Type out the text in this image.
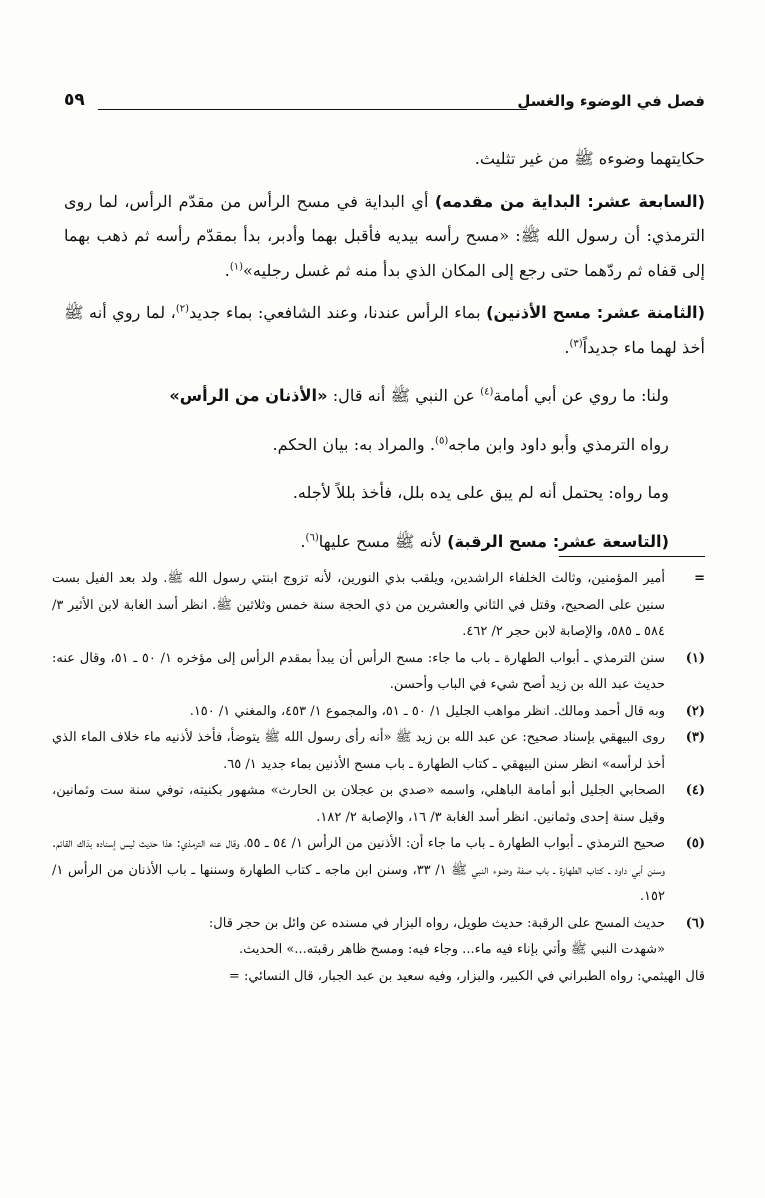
فصل في الوضوء والغسل
٥٩

حكايتهما وضوءه ﷺ من غير تثليث.

(السابعة عشر: البداية من مقدمه) أي البداية في مسح الرأس من مقدّم الرأس، لما روى الترمذي: أن رسول الله ﷺ: «مسح رأسه بيديه فأقبل بهما وأدبر، بدأ بمقدّم رأسه ثم ذهب بهما إلى قفاه ثم ردّهما حتى رجع إلى المكان الذي بدأ منه ثم غسل رجليه»$^{(١)}$.

(الثامنة عشر: مسح الأذنين) بماء الرأس عندنا، وعند الشافعي: بماء جديد$^{(٢)}$، لما روي أنه ﷺ أخذ لهما ماء جديداً$^{(٣)}$.

ولنا: ما روي عن أبي أمامة$^{(٤)}$ عن النبي ﷺ أنه قال: «الأذنان من الرأس»

رواه الترمذي وأبو داود وابن ماجه$^{(٥)}$. والمراد به: بيان الحكم.

وما رواه: يحتمل أنه لم يبق على يده بلل، فأخذ بللاً لأجله.

(التاسعة عشر: مسح الرقبة) لأنه ﷺ مسح عليها$^{(٦)}$.

=
أمير المؤمنين، وثالث الخلفاء الراشدين، ويلقب بذي النورين، لأنه تزوج ابنتي رسول الله ﷺ. ولد بعد الفيل بست سنين على الصحيح، وقتل في الثاني والعشرين من ذي الحجة سنة خمس وثلاثين ﷺ. انظر أسد الغابة لابن الأثير ٣/ ٥٨٤ ـ ٥٨٥، والإصابة لابن حجر ٢/ ٤٦٢.
(١)
سنن الترمذي ـ أبواب الطهارة ـ باب ما جاء: مسح الرأس أن يبدأ بمقدم الرأس إلى مؤخره ١/ ٥٠ ـ ٥١، وقال عنه: حديث عبد الله بن زيد أصح شيء في الباب وأحسن.
(٢)
وبه قال أحمد ومالك. انظر مواهب الجليل ١/ ٥٠ ـ ٥١، والمجموع ١/ ٤٥٣، والمغني ١/ ١٥٠.
(٣)
روى البيهقي بإسناد صحيح: عن عبد الله بن زيد ﷺ «أنه رأى رسول الله ﷺ يتوضأ، فأخذ لأذنيه ماء خلاف الماء الذي أخذ لرأسه» انظر سنن البيهقي ـ كتاب الطهارة ـ باب مسح الأذنين بماء جديد ١/ ٦٥.
(٤)
الصحابي الجليل أبو أمامة الباهلي، واسمه «صدي بن عجلان بن الحارث» مشهور بكنيته، توفي سنة ست وثمانين، وقيل سنة إحدى وثمانين. انظر أسد الغابة ٣/ ١٦، والإصابة ٢/ ١٨٢.
(٥)
صحيح الترمذي ـ أبواب الطهارة ـ باب ما جاء أن: الأذنين من الرأس ١/ ٥٤ ـ ٥٥، وقال عنه الترمذي: هذا حديث ليس إسناده بذاك القائم. وسنن أبي داود ـ كتاب الطهارة ـ باب صفة وضوء النبي ﷺ ١/ ٣٣، وسنن ابن ماجه ـ كتاب الطهارة وسننها ـ باب الأذنان من الرأس ١/ ١٥٢.
(٦)

حديث المسح على الرقبة: حديث طويل، رواه البزار في مسنده عن وائل بن حجر قال:

«شهدت النبي ﷺ وأتي بإناء فيه ماء... وجاء فيه: ومسح ظاهر رقبته...» الحديث.

قال الهيثمي: رواه الطبراني في الكبير، والبزار، وفيه سعيد بن عبد الجبار، قال النسائي: =
